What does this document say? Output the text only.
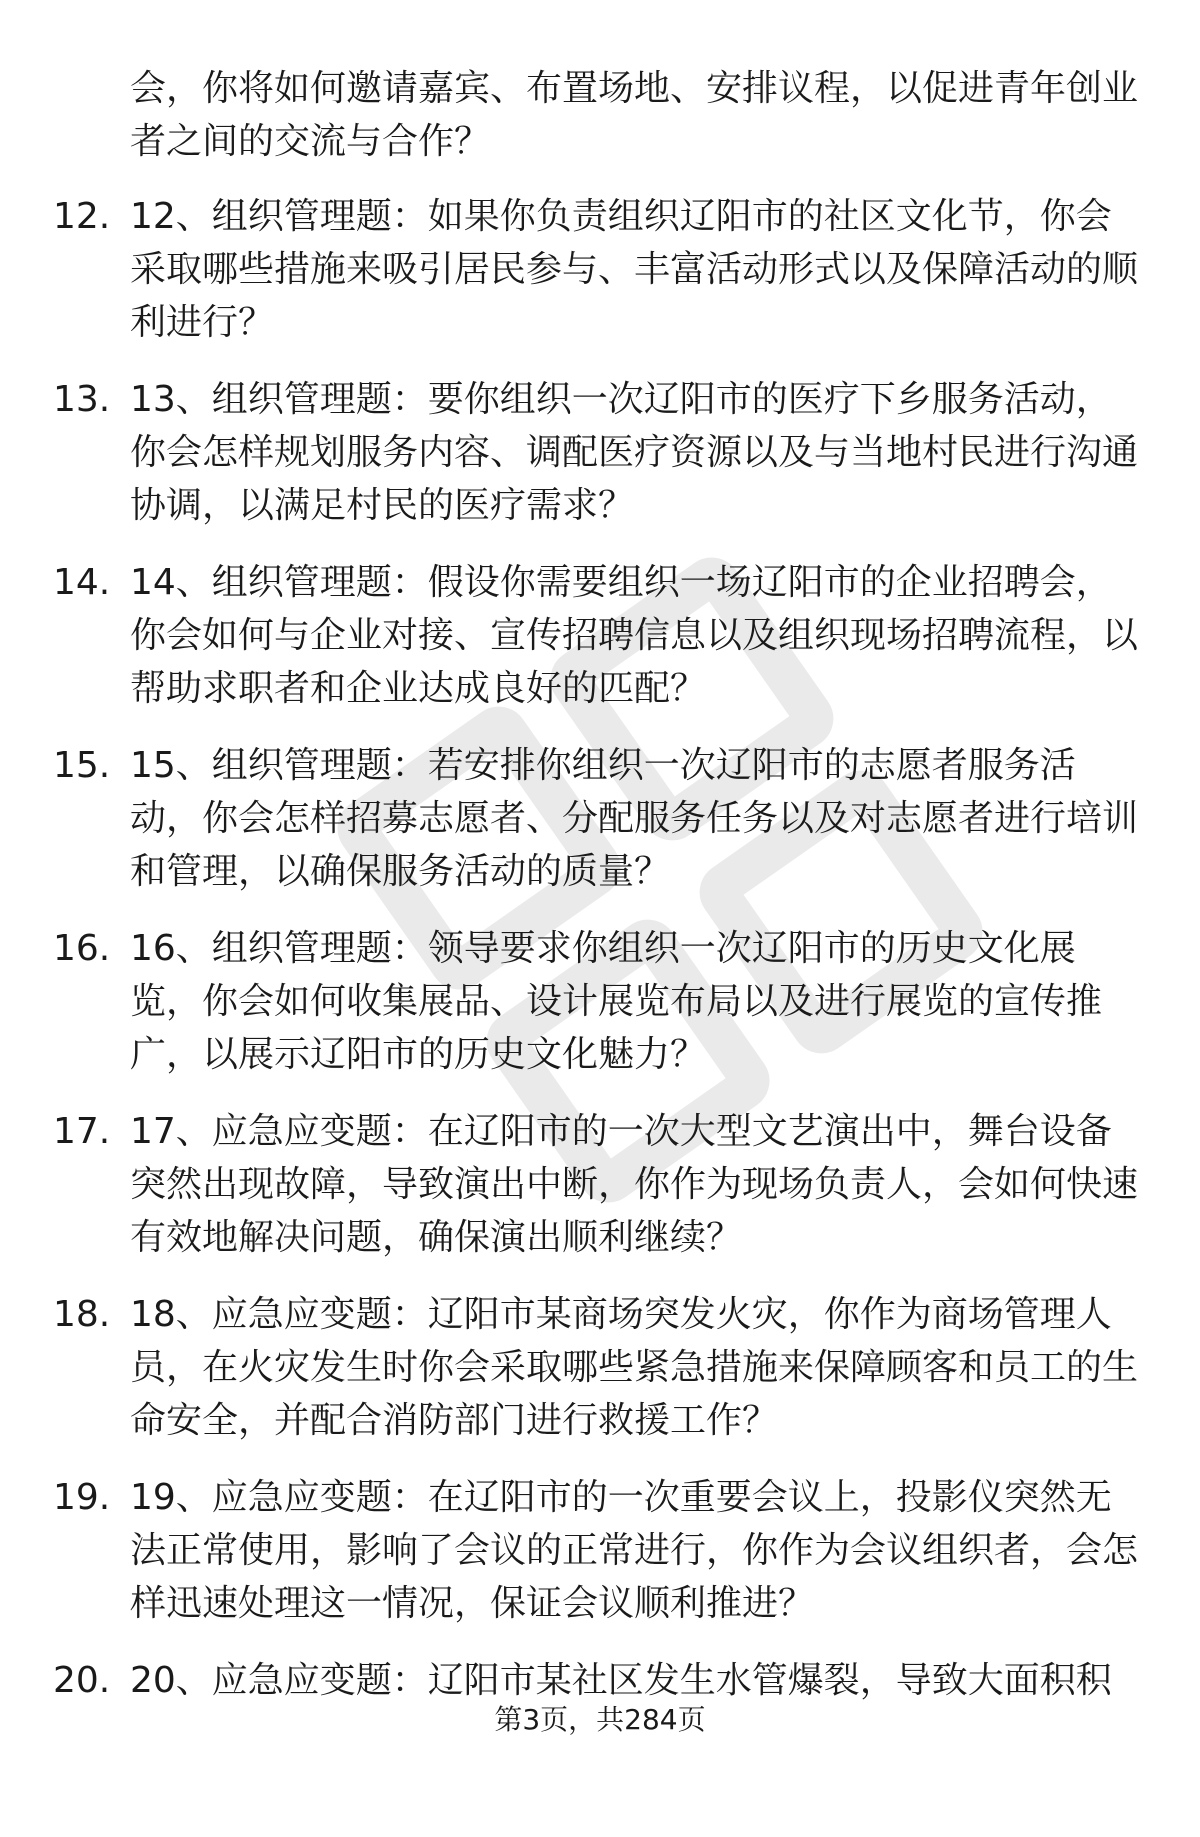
会，你将如何邀请嘉宾、布置场地、安排议程，以促进青年创业者之间的交流与合作？
12. 12、组织管理题：如果你负责组织辽阳市的社区文化节，你会采取哪些措施来吸引居民参与、丰富活动形式以及保障活动的顺利进行？
13. 13、组织管理题：要你组织一次辽阳市的医疗下乡服务活动，你会怎样规划服务内容、调配医疗资源以及与当地村民进行沟通协调，以满足村民的医疗需求？
14. 14、组织管理题：假设你需要组织一场辽阳市的企业招聘会，你会如何与企业对接、宣传招聘信息以及组织现场招聘流程，以帮助求职者和企业达成良好的匹配？
15. 15、组织管理题：若安排你组织一次辽阳市的志愿者服务活动，你会怎样招募志愿者、分配服务任务以及对志愿者进行培训和管理，以确保服务活动的质量？
16. 16、组织管理题：领导要求你组织一次辽阳市的历史文化展览，你会如何收集展品、设计展览布局以及进行展览的宣传推广，以展示辽阳市的历史文化魅力？
17. 17、应急应变题：在辽阳市的一次大型文艺演出中，舞台设备突然出现故障，导致演出中断，你作为现场负责人，会如何快速有效地解决问题，确保演出顺利继续？
18. 18、应急应变题：辽阳市某商场突发火灾，你作为商场管理人员，在火灾发生时你会采取哪些紧急措施来保障顾客和员工的生命安全，并配合消防部门进行救援工作？
19. 19、应急应变题：在辽阳市的一次重要会议上，投影仪突然无法正常使用，影响了会议的正常进行，你作为会议组织者，会怎样迅速处理这一情况，保证会议顺利推进？
20. 20、应急应变题：辽阳市某社区发生水管爆裂，导致大面积积
第3页，共284页
